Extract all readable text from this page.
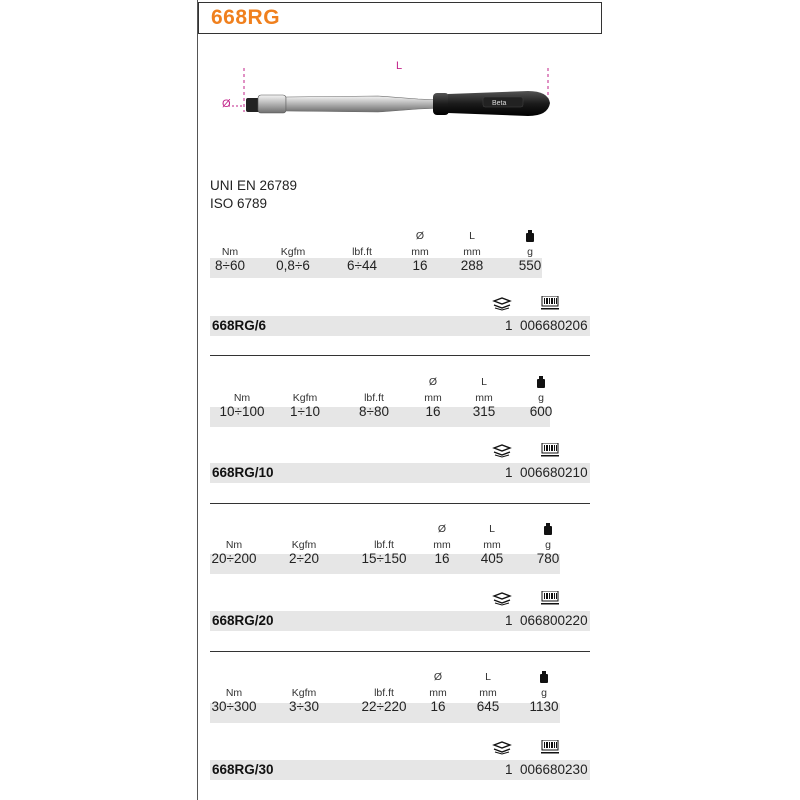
668RG
Beta
L
Ø
UNI EN 26789
ISO 6789
Ø	L
Nm	Kgfm	lbf.ft	mm	mm	g
8÷60	0,8÷6	6÷44	16	288	550
668RG/6	1 006680206
Ø	L
Nm	Kgfm	lbf.ft	mm	mm	g
10÷100	1÷10	8÷80	16	315	600
668RG/10	1 006680210
Ø	L
Nm	Kgfm	lbf.ft	mm	mm	g
20÷200	2÷20	15÷150	16	405	780
668RG/20	1 066800220
Ø	L
Nm	Kgfm	lbf.ft	mm	mm	g
30÷300	3÷30	22÷220	16	645	1130
668RG/30	1 006680230
